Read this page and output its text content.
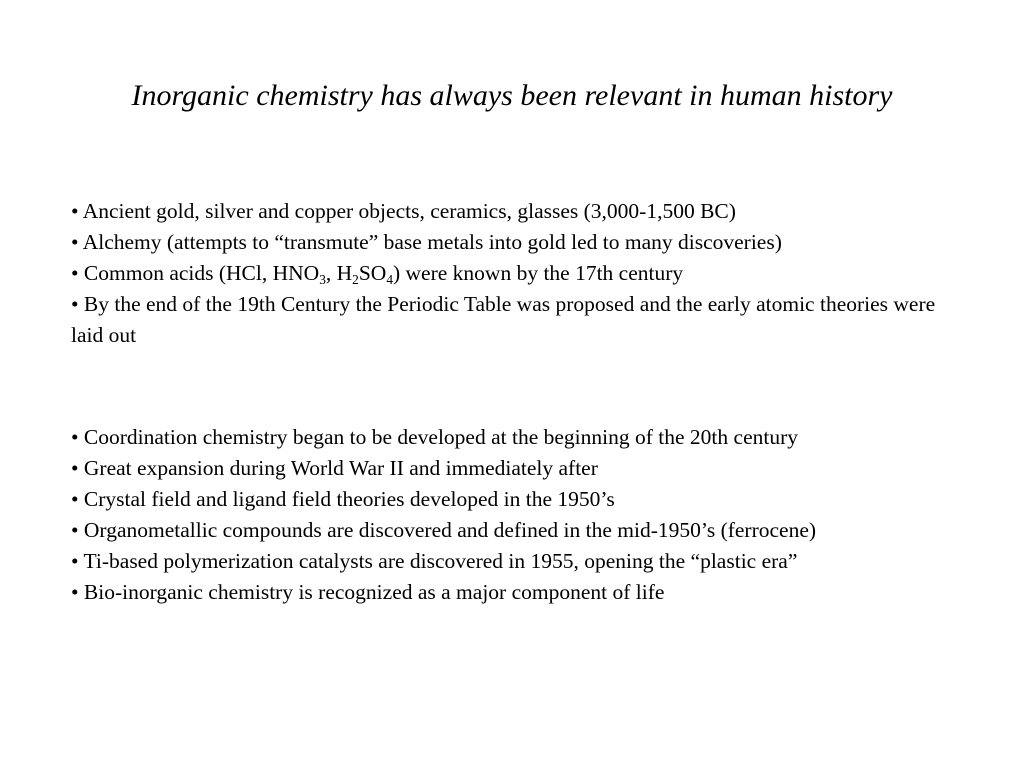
Inorganic chemistry has always been relevant in human history
• Ancient gold, silver and copper objects, ceramics, glasses (3,000-1,500 BC)
• Alchemy (attempts to “transmute” base metals into gold led to many discoveries)
• Common acids (HCl, $HNO_3$, $H_2SO_4$) were known by the 17th century
• By the end of the 19th Century the Periodic Table was proposed and the early atomic theories were laid out
• Coordination chemistry began to be developed at the beginning of the 20th century
• Great expansion during World War II and immediately after
• Crystal field and ligand field theories developed in the 1950’s
• Organometallic compounds are discovered and defined in the mid-1950’s (ferrocene)
• Ti-based polymerization catalysts are discovered in 1955, opening the “plastic era”
• Bio-inorganic chemistry is recognized as a major component of life
